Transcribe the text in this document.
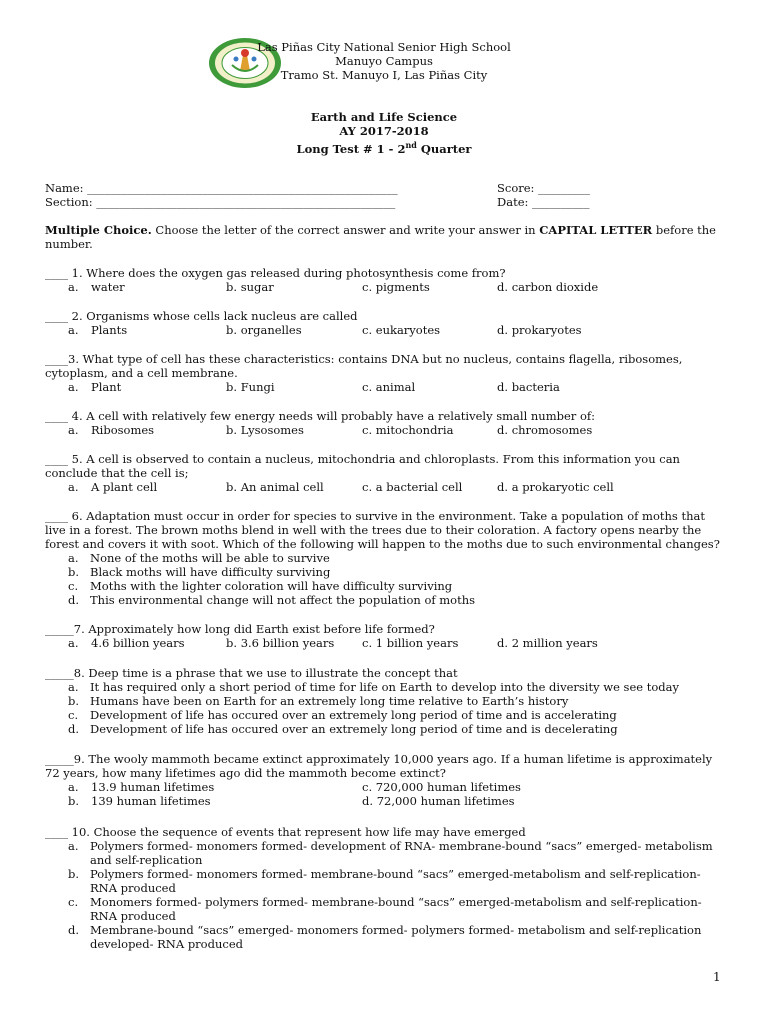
Las Piñas City National Senior High School
Manuyo Campus
Tramo St. Manuyo I, Las Piñas City
Earth and Life Science
AY 2017-2018
Long Test # 1 - 2nd Quarter
Name: ______________________________________________________
Section: ____________________________________________________
Score: _________
Date: __________
Multiple Choice. Choose the letter of the correct answer and write your answer in CAPITAL LETTER before the number.
____ 1. Where does the oxygen gas released during photosynthesis come from?
a. water	b. sugar	c. pigments	d. carbon dioxide
____ 2. Organisms whose cells lack nucleus are called
a. Plants	b. organelles	c. eukaryotes	d. prokaryotes
____3. What type of cell has these characteristics: contains DNA but no nucleus, contains flagella, ribosomes, cytoplasm, and a cell membrane.
a. Plant	b. Fungi	c. animal	d. bacteria
____ 4. A cell with relatively few energy needs will probably have a relatively small number of:
a. Ribosomes	b. Lysosomes	c. mitochondria	d. chromosomes
____ 5. A cell is observed to contain a nucleus, mitochondria and chloroplasts. From this information you can conclude that the cell is;
a. A plant cell	b. An animal cell	c. a bacterial cell	d. a prokaryotic cell
____ 6. Adaptation must occur in order for species to survive in the environment. Take a population of moths that live in a forest. The brown moths blend in well with the trees due to their coloration. A factory opens nearby the forest and covers it with soot. Which of the following will happen to the moths due to such environmental changes?
a. None of the moths will be able to survive
b. Black moths will have difficulty surviving
c. Moths with the lighter coloration will have difficulty surviving
d. This environmental change will not affect the population of moths
_____7. Approximately how long did Earth exist before life formed?
a. 4.6 billion years	b. 3.6 billion years c. 1 billion years	d. 2 million years
_____8. Deep time is a phrase that we use to illustrate the concept that
a. It has required only a short period of time for life on Earth to develop into the diversity we see today
b. Humans have been on Earth for an extremely long time relative to Earth’s history
c. Development of life has occured over an extremely long period of time and is accelerating
d. Development of life has occured over an extremely long period of time and is decelerating
_____9. The wooly mammoth became extinct approximately 10,000 years ago. If a human lifetime is approximately 72 years, how many lifetimes ago did the mammoth become extinct?
a. 13.9 human lifetimes	c. 720,000 human lifetimes
b. 139 human lifetimes	d. 72,000 human lifetimes
____ 10. Choose the sequence of events that represent how life may have emerged
a. Polymers formed- monomers formed- development of RNA- membrane-bound “sacs” emerged- metabolism and self-replication
b. Polymers formed- monomers formed- membrane-bound “sacs” emerged-metabolism and self-replication- RNA produced
c. Monomers formed- polymers formed- membrane-bound “sacs” emerged-metabolism and self-replication- RNA produced
d. Membrane-bound “sacs” emerged- monomers formed- polymers formed- metabolism and self-replication developed- RNA produced
1
